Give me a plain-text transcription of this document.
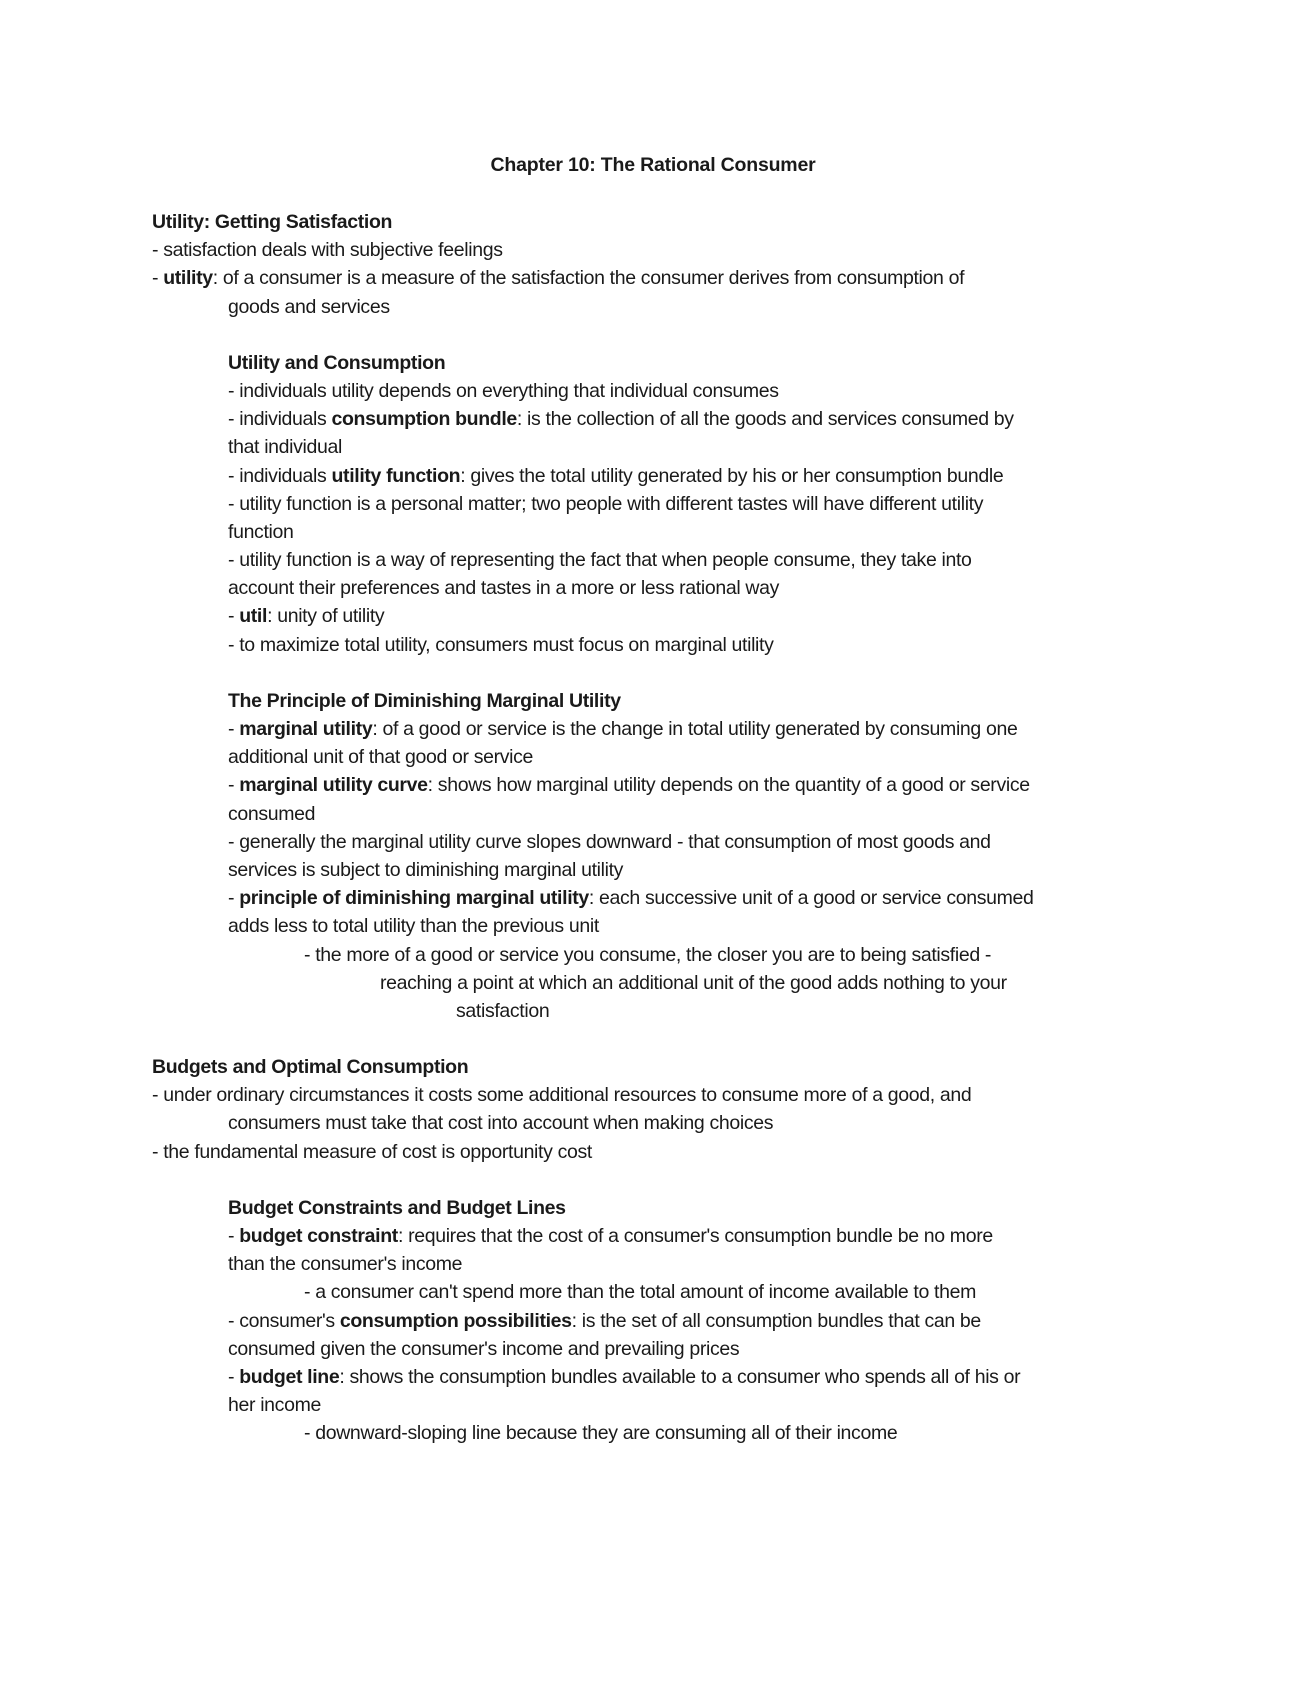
Chapter 10: The Rational Consumer
Utility: Getting Satisfaction
- satisfaction deals with subjective feelings
- utility: of a consumer is a measure of the satisfaction the consumer derives from consumption of
goods and services
Utility and Consumption
- individuals utility depends on everything that individual consumes
- individuals consumption bundle: is the collection of all the goods and services consumed by
that individual
- individuals utility function: gives the total utility generated by his or her consumption bundle
- utility function is a personal matter; two people with different tastes will have different utility
function
- utility function is a way of representing the fact that when people consume, they take into
account their preferences and tastes in a more or less rational way
- util: unity of utility
- to maximize total utility, consumers must focus on marginal utility
The Principle of Diminishing Marginal Utility
- marginal utility: of a good or service is the change in total utility generated by consuming one
additional unit of that good or service
- marginal utility curve: shows how marginal utility depends on the quantity of a good or service
consumed
- generally the marginal utility curve slopes downward - that consumption of most goods and
services is subject to diminishing marginal utility
- principle of diminishing marginal utility: each successive unit of a good or service consumed
adds less to total utility than the previous unit
- the more of a good or service you consume, the closer you are to being satisfied -
reaching a point at which an additional unit of the good adds nothing to your
satisfaction
Budgets and Optimal Consumption
- under ordinary circumstances it costs some additional resources to consume more of a good, and
consumers must take that cost into account when making choices
- the fundamental measure of cost is opportunity cost
Budget Constraints and Budget Lines
- budget constraint: requires that the cost of a consumer's consumption bundle be no more
than the consumer's income
- a consumer can't spend more than the total amount of income available to them
- consumer's consumption possibilities: is the set of all consumption bundles that can be
consumed given the consumer's income and prevailing prices
- budget line: shows the consumption bundles available to a consumer who spends all of his or
her income
- downward-sloping line because they are consuming all of their income
